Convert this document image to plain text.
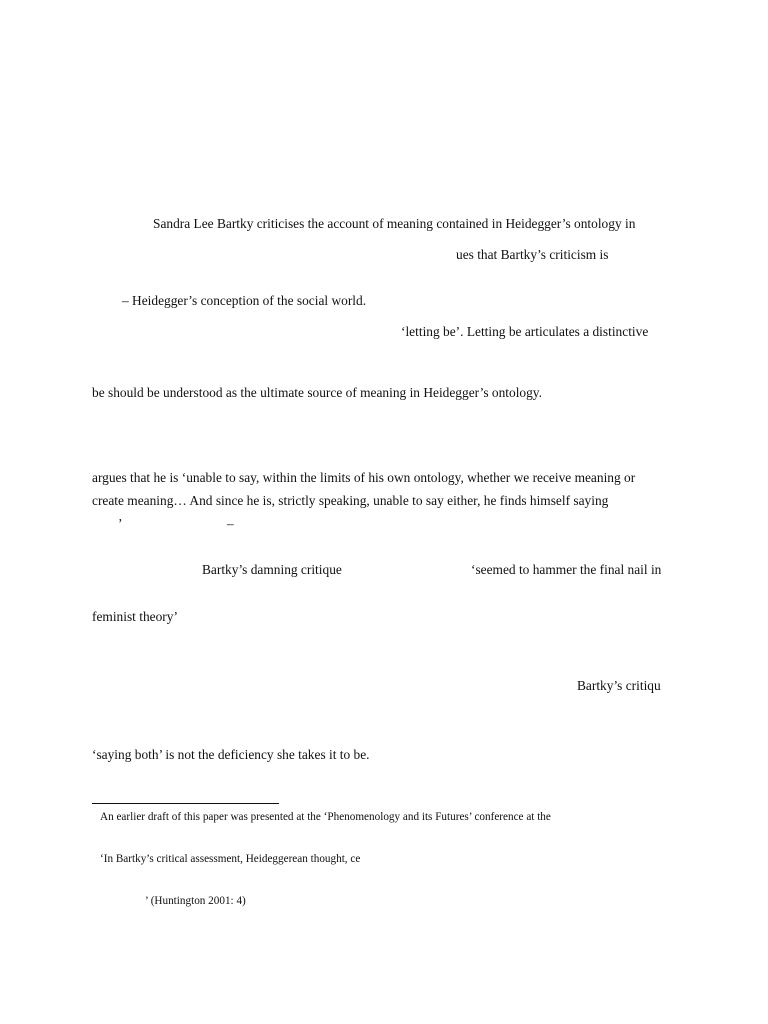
Sandra Lee Bartky criticises the account of meaning contained in Heidegger’s ontology in
ues that Bartky’s criticism is
– Heidegger’s conception of the social world.
‘letting be’. Letting be articulates a distinctive
be should be understood as the ultimate source of meaning in Heidegger’s ontology.
argues that he is ‘unable to say, within the limits of his own ontology, whether we receive meaning or
create meaning… And since he is, strictly speaking, unable to say either, he finds himself saying
’	–
Bartky’s damning critique	‘seemed to hammer the final nail in
feminist theory’
Bartky’s critiqu
‘saying both’ is not the deficiency she takes it to be.
An earlier draft of this paper was presented at the ‘Phenomenology and its Futures’ conference at the
‘In Bartky’s critical assessment, Heideggerean thought, ce
’ (Huntington 2001: 4)
